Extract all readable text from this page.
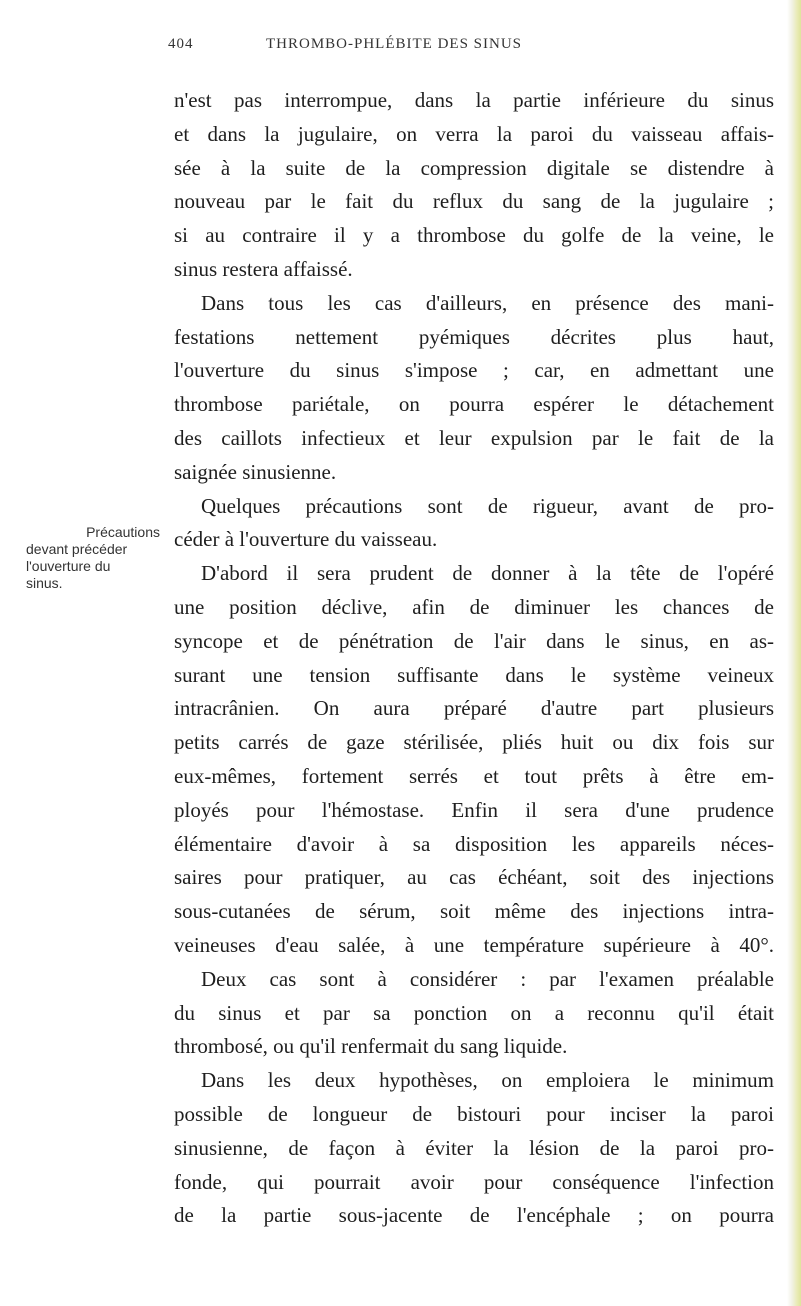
404	THROMBO-PHLÉBITE DES SINUS
Précautions
devant précéder
l'ouverture du
sinus.
n'est pas interrompue, dans la partie inférieure du sinus
et dans la jugulaire, on verra la paroi du vaisseau affais-
sée à la suite de la compression digitale se distendre à
nouveau par le fait du reflux du sang de la jugulaire ;
si au contraire il y a thrombose du golfe de la veine, le
sinus restera affaissé.
Dans tous les cas d'ailleurs, en présence des mani-
festations nettement pyémiques décrites plus haut,
l'ouverture du sinus s'impose ; car, en admettant une
thrombose pariétale, on pourra espérer le détachement
des caillots infectieux et leur expulsion par le fait de la
saignée sinusienne.
Quelques précautions sont de rigueur, avant de pro-
céder à l'ouverture du vaisseau.
D'abord il sera prudent de donner à la tête de l'opéré
une position déclive, afin de diminuer les chances de
syncope et de pénétration de l'air dans le sinus, en as-
surant une tension suffisante dans le système veineux
intracrânien. On aura préparé d'autre part plusieurs
petits carrés de gaze stérilisée, pliés huit ou dix fois sur
eux-mêmes, fortement serrés et tout prêts à être em-
ployés pour l'hémostase. Enfin il sera d'une prudence
élémentaire d'avoir à sa disposition les appareils néces-
saires pour pratiquer, au cas échéant, soit des injections
sous-cutanées de sérum, soit même des injections intra-
veineuses d'eau salée, à une température supérieure à 40°.
Deux cas sont à considérer : par l'examen préalable
du sinus et par sa ponction on a reconnu qu'il était
thrombosé, ou qu'il renfermait du sang liquide.
Dans les deux hypothèses, on emploiera le minimum
possible de longueur de bistouri pour inciser la paroi
sinusienne, de façon à éviter la lésion de la paroi pro-
fonde, qui pourrait avoir pour conséquence l'infection
de la partie sous-jacente de l'encéphale ; on pourra
